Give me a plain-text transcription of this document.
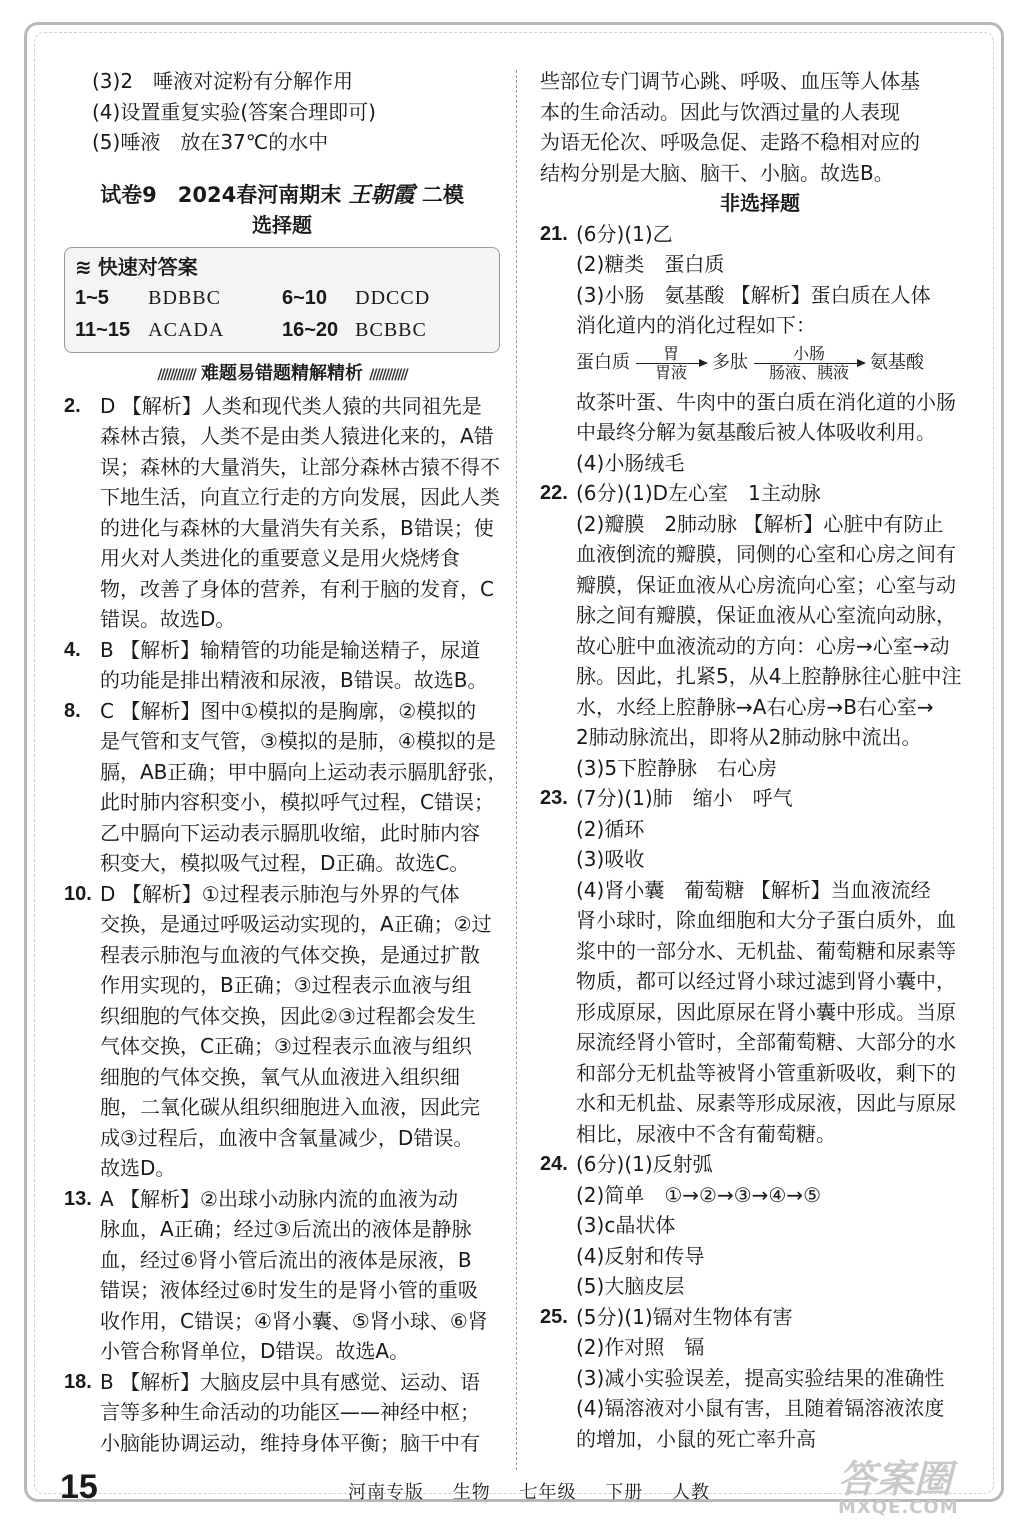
(3)2　唾液对淀粉有分解作用
(4)设置重复实验(答案合理即可)
(5)唾液　放在37℃的水中
试卷9　2024春河南期末 王朝霞 二模
选择题
≋ 快速对答案
1~5	BDBBC	6~10	DDCCD
11~15 ACADA	16~20 BCBBC
//////////// 难题易错题精解精析 ////////////
2. D 【解析】人类和现代类人猿的共同祖先是
森林古猿，人类不是由类人猿进化来的，A错
误；森林的大量消失，让部分森林古猿不得不
下地生活，向直立行走的方向发展，因此人类
的进化与森林的大量消失有关系，B错误；使
用火对人类进化的重要意义是用火烧烤食
物，改善了身体的营养，有利于脑的发育，C
错误。故选D。
4. B 【解析】输精管的功能是输送精子，尿道
的功能是排出精液和尿液，B错误。故选B。
8. C 【解析】图中①模拟的是胸廓，②模拟的
是气管和支气管，③模拟的是肺，④模拟的是
膈，AB正确；甲中膈向上运动表示膈肌舒张，
此时肺内容积变小，模拟呼气过程，C错误；
乙中膈向下运动表示膈肌收缩，此时肺内容
积变大，模拟吸气过程，D正确。故选C。
10. D 【解析】①过程表示肺泡与外界的气体
交换，是通过呼吸运动实现的，A正确；②过
程表示肺泡与血液的气体交换，是通过扩散
作用实现的，B正确；③过程表示血液与组
织细胞的气体交换，因此②③过程都会发生
气体交换，C正确；③过程表示血液与组织
细胞的气体交换，氧气从血液进入组织细
胞，二氧化碳从组织细胞进入血液，因此完
成③过程后，血液中含氧量减少，D错误。
故选D。
13. A 【解析】②出球小动脉内流的血液为动
脉血，A正确；经过③后流出的液体是静脉
血，经过⑥肾小管后流出的液体是尿液，B
错误；液体经过⑥时发生的是肾小管的重吸
收作用，C错误；④肾小囊、⑤肾小球、⑥肾
小管合称肾单位，D错误。故选A。
18. B 【解析】大脑皮层中具有感觉、运动、语
言等多种生命活动的功能区——神经中枢；
小脑能协调运动，维持身体平衡；脑干中有
些部位专门调节心跳、呼吸、血压等人体基
本的生命活动。因此与饮酒过量的人表现
为语无伦次、呼吸急促、走路不稳相对应的
结构分别是大脑、脑干、小脑。故选B。
非选择题
21. (6分)(1)乙
(2)糖类　蛋白质
(3)小肠　氨基酸 【解析】蛋白质在人体
消化道内的消化过程如下：
蛋白质 胃
胃液 多肽	小肠
肠液、胰液 氨基酸
故茶叶蛋、牛肉中的蛋白质在消化道的小肠
中最终分解为氨基酸后被人体吸收利用。
(4)小肠绒毛
22. (6分)(1)D左心室　1主动脉
(2)瓣膜　2肺动脉 【解析】心脏中有防止
血液倒流的瓣膜，同侧的心室和心房之间有
瓣膜，保证血液从心房流向心室；心室与动
脉之间有瓣膜，保证血液从心室流向动脉，
故心脏中血液流动的方向：心房→心室→动
脉。因此，扎紧5，从4上腔静脉往心脏中注
水，水经上腔静脉→A右心房→B右心室→
2肺动脉流出，即将从2肺动脉中流出。
(3)5下腔静脉　右心房
23. (7分)(1)肺　缩小　呼气
(2)循环
(3)吸收
(4)肾小囊　葡萄糖 【解析】当血液流经
肾小球时，除血细胞和大分子蛋白质外，血
浆中的一部分水、无机盐、葡萄糖和尿素等
物质，都可以经过肾小球过滤到肾小囊中，
形成原尿，因此原尿在肾小囊中形成。当原
尿流经肾小管时，全部葡萄糖、大部分的水
和部分无机盐等被肾小管重新吸收，剩下的
水和无机盐、尿素等形成尿液，因此与原尿
相比，尿液中不含有葡萄糖。
24. (6分)(1)反射弧
(2)简单　①→②→③→④→⑤
(3)c晶状体
(4)反射和传导
(5)大脑皮层
25. (5分)(1)镉对生物体有害
(2)作对照　镉
(3)减小实验误差，提高实验结果的准确性
(4)镉溶液对小鼠有害，且随着镉溶液浓度
的增加，小鼠的死亡率升高
15	河南专版 生物 七年级 下册 人教	答案圈
MXQE.COM
